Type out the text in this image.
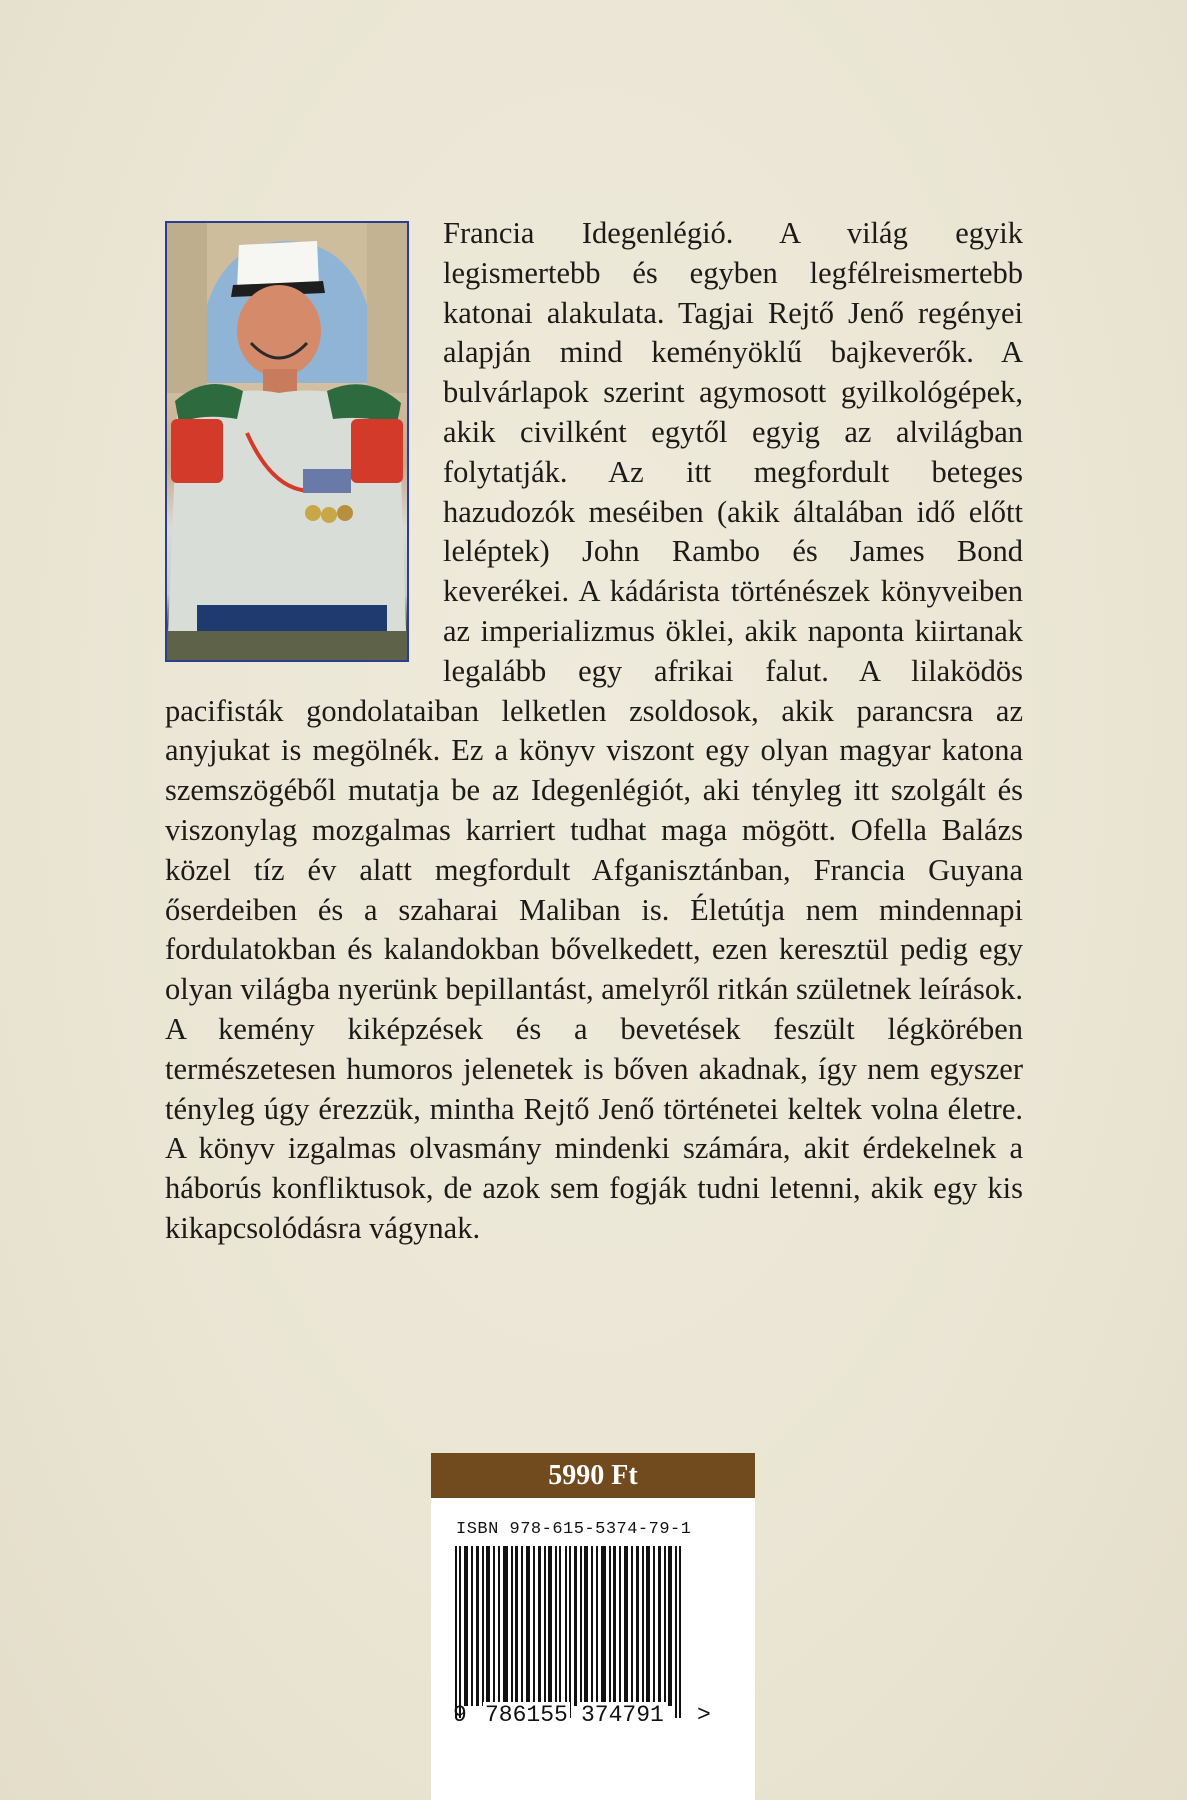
Francia Idegenlégió. A világ egyik legismertebb és egyben legfélreismertebb katonai alakulata. Tagjai Rejtő Jenő regényei alapján mind keményöklű bajkeverők. A bulvárlapok szerint agymosott gyilkológépek, akik civilként egytől egyig az alvilágban folytatják. Az itt megfordult beteges hazudozók meséiben (akik általában idő előtt leléptek) John Rambo és James Bond keverékei. A kádárista történészek könyveiben az imperializmus öklei, akik naponta kiirtanak legalább egy afrikai falut. A lilaködös pacifisták gondolataiban lelketlen zsoldosok, akik parancsra az anyjukat is megölnék. Ez a könyv viszont egy olyan magyar katona szemszögéből mutatja be az Idegenlégiót, aki tényleg itt szolgált és viszonylag mozgalmas karriert tudhat maga mögött. Ofella Balázs közel tíz év alatt megfordult Afganisztánban, Francia Guyana őserdeiben és a szaharai Maliban is. Életútja nem mindennapi fordulatokban és kalandokban bővelkedett, ezen keresztül pedig egy olyan világba nyerünk bepillantást, amelyről ritkán születnek leírások. A kemény kiképzések és a bevetések feszült légkörében természetesen humoros jelenetek is bőven akadnak, így nem egyszer tényleg úgy érezzük, mintha Rejtő Jenő történetei keltek volna életre. A könyv izgalmas olvasmány mindenki számára, akit érdekelnek a háborús konfliktusok, de azok sem fogják tudni letenni, akik egy kis kikapcsolódásra vágynak.
5990 Ft
ISBN 978-615-5374-79-1
9 786155 374791 >
